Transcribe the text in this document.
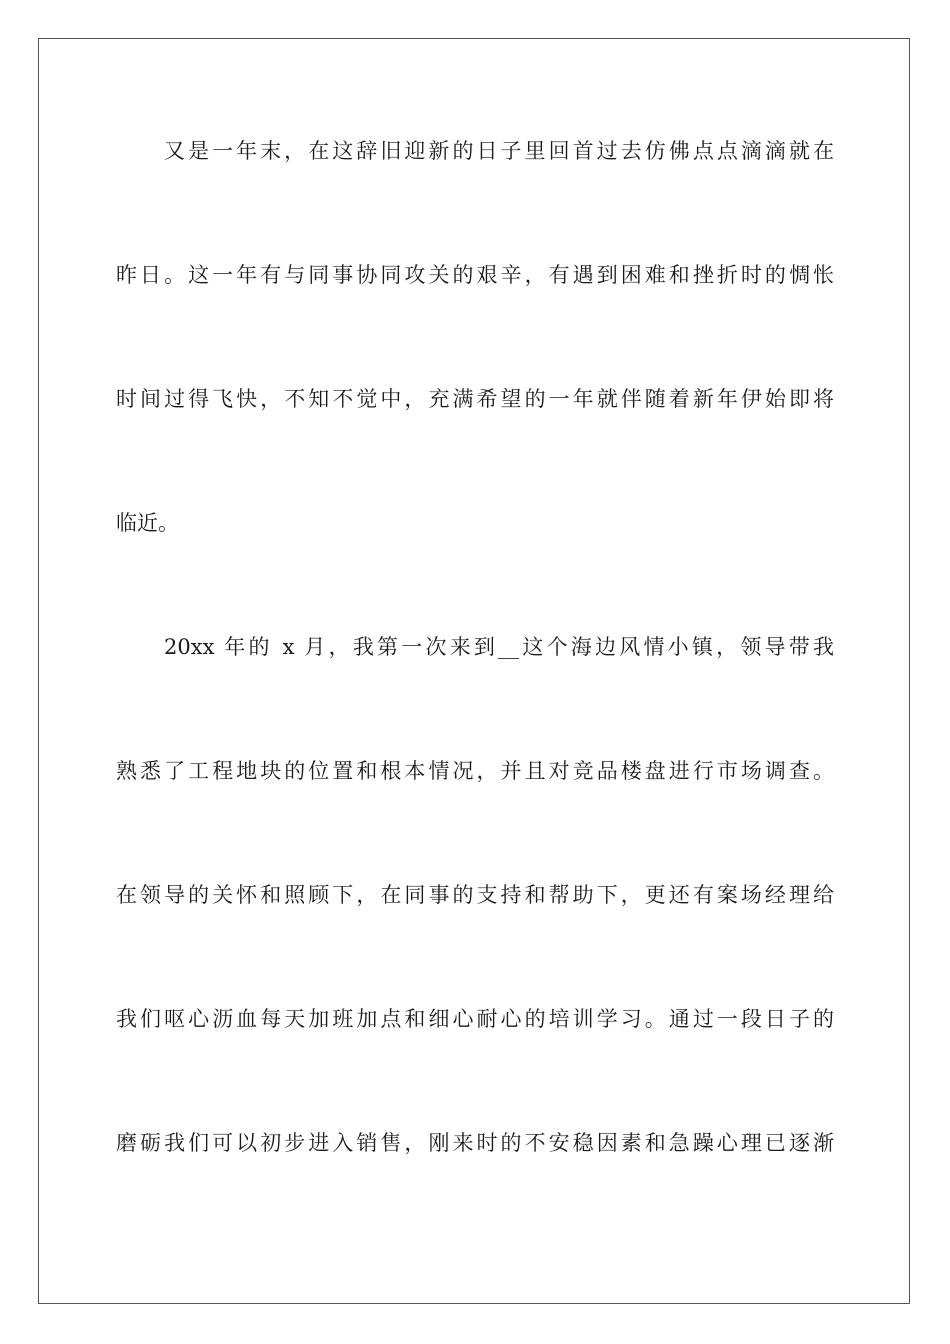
又是一年末，在这辞旧迎新的日子里回首过去仿佛点点滴滴就在
昨日。这一年有与同事协同攻关的艰辛，有遇到困难和挫折时的惆怅
时间过得飞快，不知不觉中，充满希望的一年就伴随着新年伊始即将
临近。
20xx 年的 x 月，我第一次来到__这个海边风情小镇，领导带我
熟悉了工程地块的位置和根本情况，并且对竞品楼盘进行市场调查。
在领导的关怀和照顾下，在同事的支持和帮助下，更还有案场经理给
我们呕心沥血每天加班加点和细心耐心的培训学习。通过一段日子的
磨砺我们可以初步进入销售，刚来时的不安稳因素和急躁心理已逐渐
